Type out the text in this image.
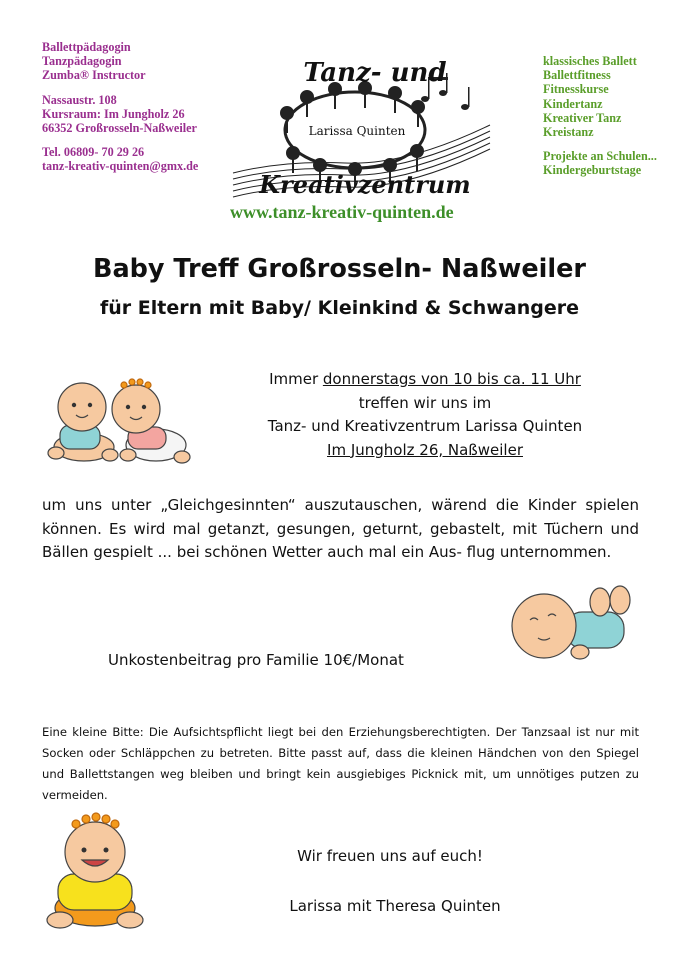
Ballettpädagogin
Tanzpädagogin
Zumba® Instructor
Nassaustr. 108
Kursraum: Im Jungholz 26
66352 Großrosseln-Naßweiler
Tel. 06809- 70 29 26
tanz-kreativ-quinten@gmx.de
klassisches Ballett
Ballettfitness
Fitnesskurse
Kindertanz
Kreativer Tanz
Kreistanz
Projekte an Schulen...
Kindergeburtstage
Tanz- und
Larissa Quinten
Kreativzentrum
www.tanz-kreativ-quinten.de
Baby Treff Großrosseln- Naßweiler
für Eltern mit Baby/ Kleinkind & Schwangere
Immer donnerstags von 10 bis ca. 11 Uhr
treffen wir uns im
Tanz- und Kreativzentrum Larissa Quinten
Im Jungholz 26, Naßweiler
um uns unter „Gleichgesinnten“ auszutauschen, wärend die Kinder spielen können. Es wird mal getanzt, gesungen, geturnt, gebastelt, mit Tüchern und Bällen gespielt ... bei schönen Wetter auch mal ein Aus- flug unternommen.
Unkostenbeitrag pro Familie 10€/Monat
Eine kleine Bitte: Die Aufsichtspflicht liegt bei den Erziehungsberechtigten. Der Tanzsaal ist nur mit Socken oder Schläppchen zu betreten. Bitte passt auf, dass die kleinen Händchen von den Spiegel und Ballettstangen weg bleiben und bringt kein ausgiebiges Picknick mit, um unnötiges putzen zu vermeiden.
Wir freuen uns auf euch!
Larissa mit Theresa Quinten
